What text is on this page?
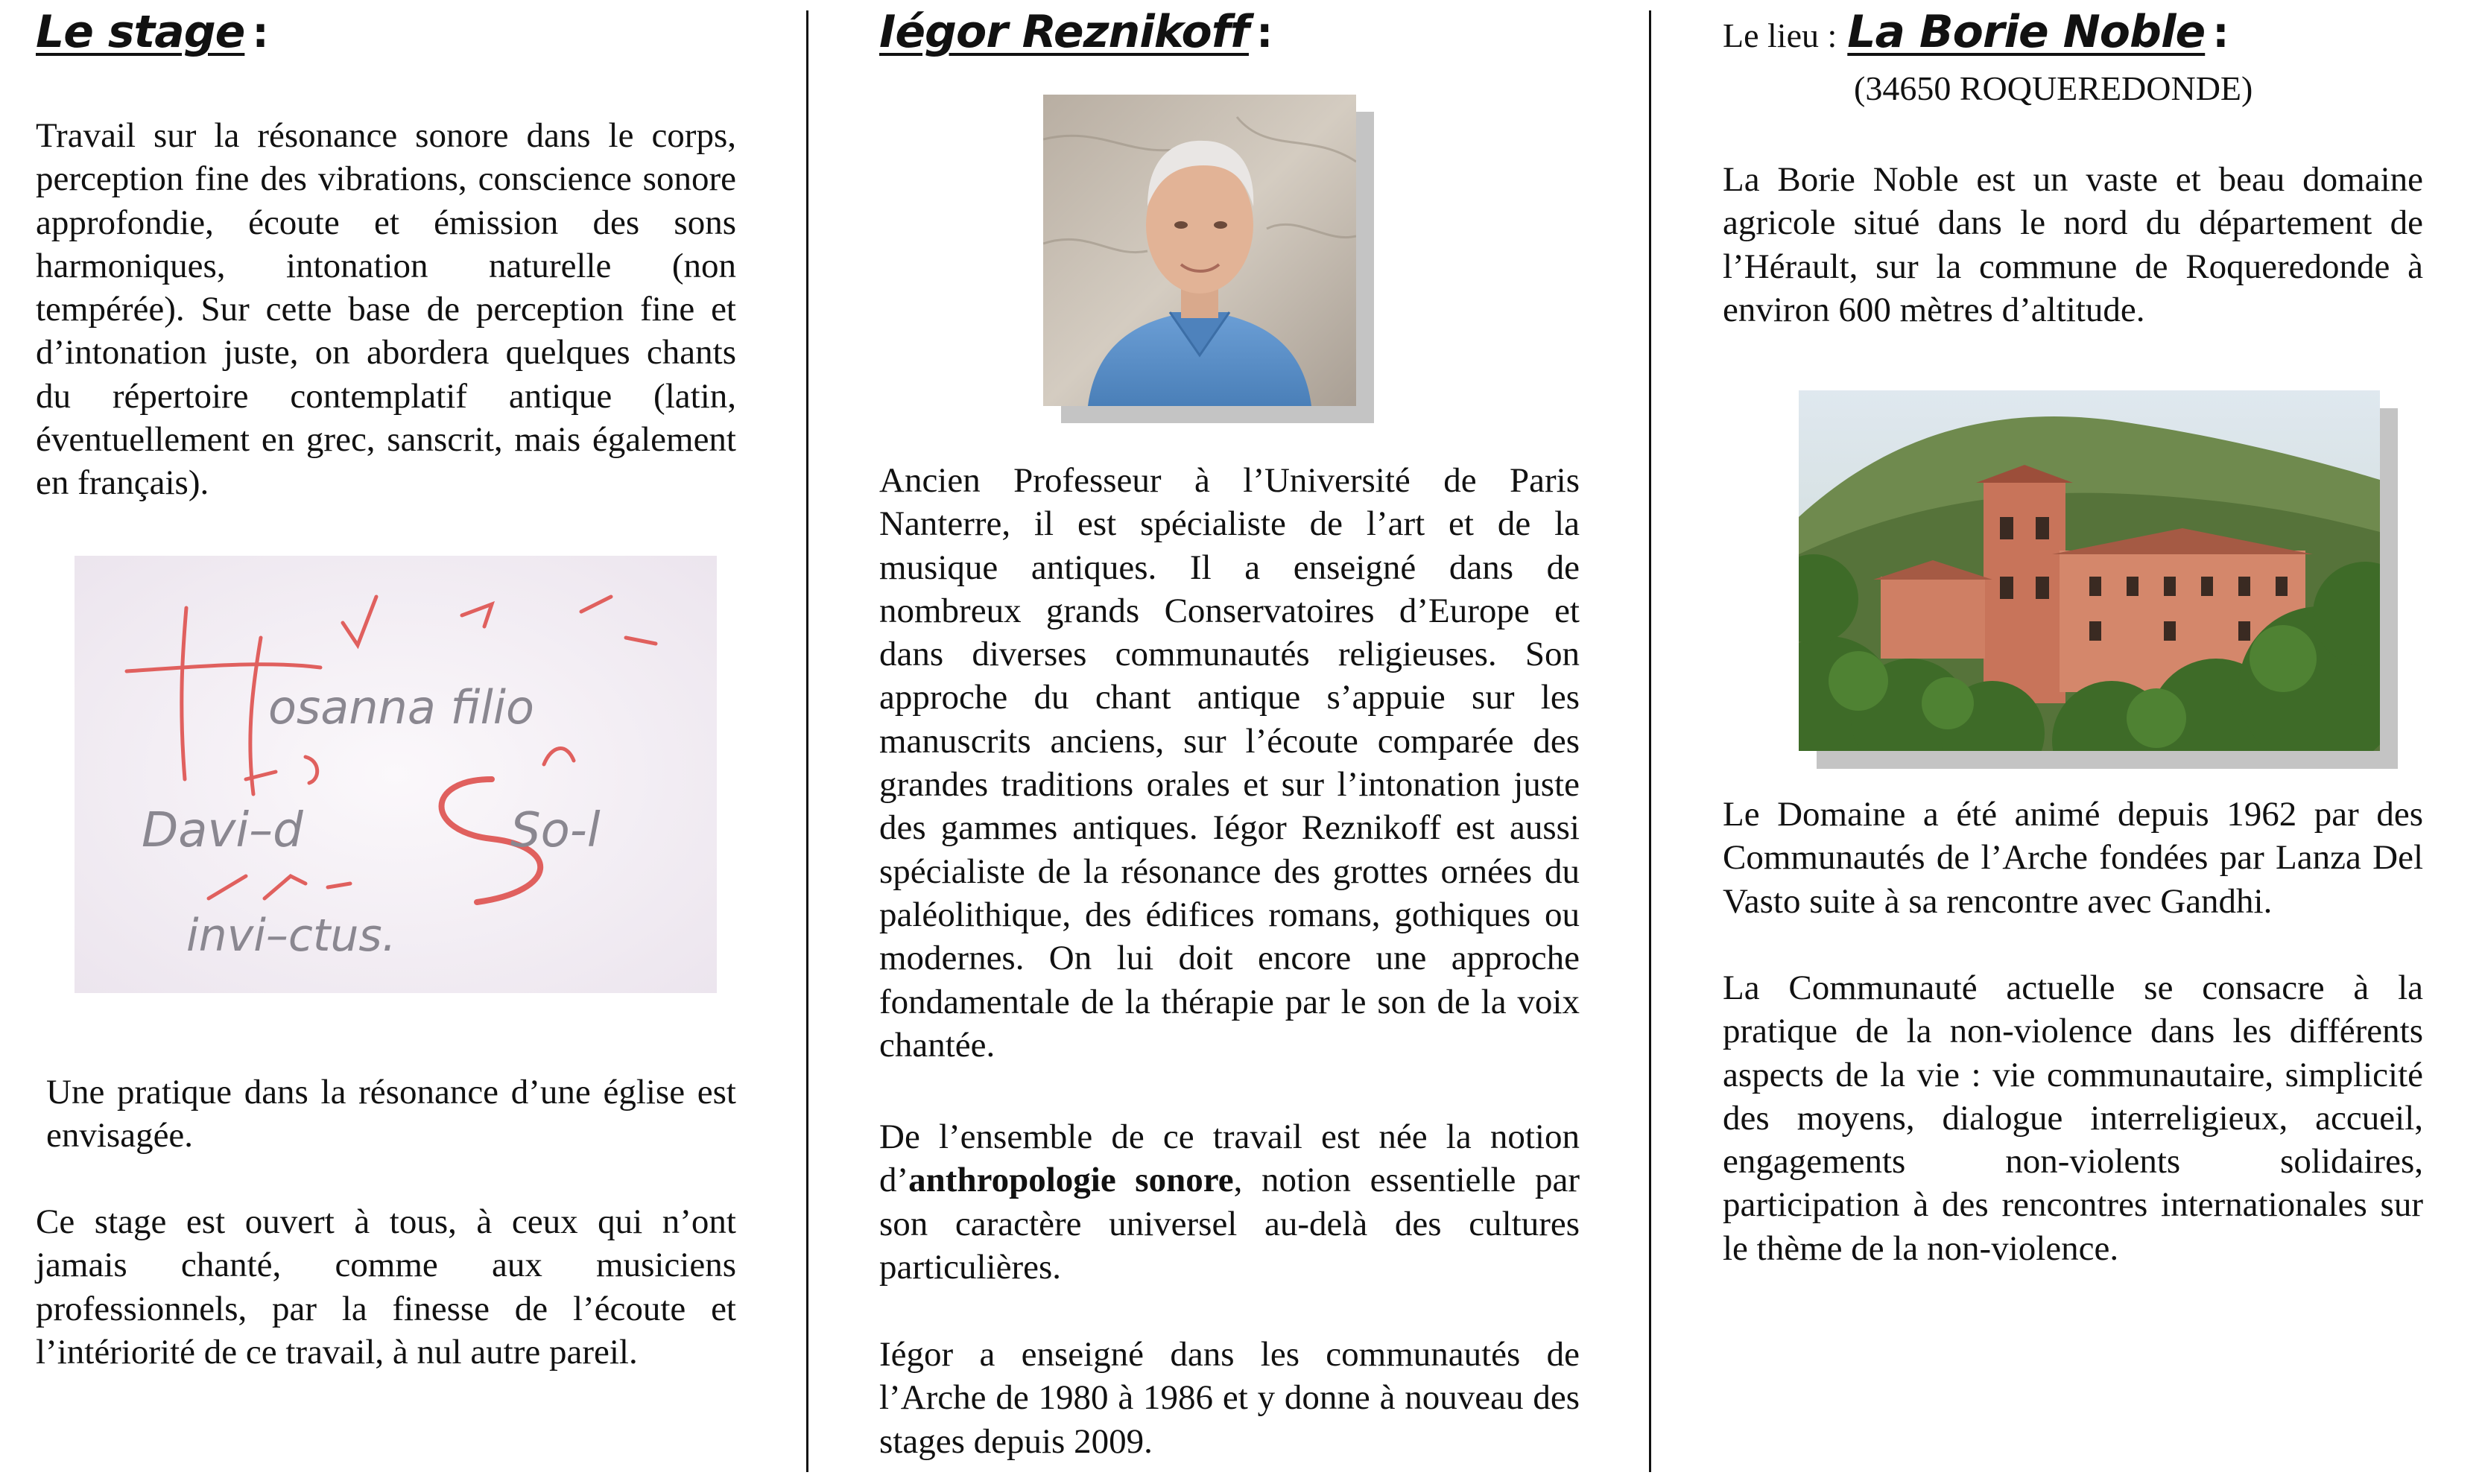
Le stage :

Travail sur la résonance sonore dans le corps, perception fine des vibrations, conscience sonore approfondie, écoute et émission des sons harmoniques, intonation naturelle (non tempérée). Sur cette base de perception fine et d’intonation juste, on abordera quelques chants du répertoire contemplatif antique (latin, éventuellement en grec, sanscrit, mais également en français).

osanna filio
Davi–d	So-l
invi–ctus.

Une pratique dans la résonance d’une église est envisagée.

Ce stage est ouvert à tous, à ceux qui n’ont jamais chanté, comme aux musiciens professionnels, par la finesse de l’écoute et l’intériorité de ce travail, à nul autre pareil.

Iégor Reznikoff :

Ancien Professeur à l’Université de Paris Nanterre, il est spécialiste de l’art et de la musique antiques. Il a enseigné dans de nombreux grands Conservatoires d’Europe et dans diverses communautés religieuses. Son approche du chant antique s’appuie sur les manuscrits anciens, sur l’écoute comparée des grandes traditions orales et sur l’intonation juste des gammes antiques. Iégor Reznikoff est aussi spécialiste de la résonance des grottes ornées du paléolithique, des édifices romans, gothiques ou modernes. On lui doit encore une approche fondamentale de la thérapie par le son de la voix chantée.

De l’ensemble de ce travail est née la notion d’anthropologie sonore, notion essentielle par son caractère universel au-delà des cultures particulières.

Iégor a enseigné dans les communautés de l’Arche de 1980 à 1986 et y donne à nouveau des stages depuis 2009.

Le lieu : La Borie Noble :
(34650 ROQUEREDONDE)

La Borie Noble est un vaste et beau domaine agricole situé dans le nord du département de l’Hérault, sur la commune de Roqueredonde à environ 600 mètres d’altitude.

Le Domaine a été animé depuis 1962 par des Communautés de l’Arche fondées par Lanza Del Vasto suite à sa rencontre avec Gandhi.

La Communauté actuelle se consacre à la pratique de la non-violence dans les différents aspects de la vie : vie communautaire, simplicité des moyens, dialogue interreligieux, accueil, engagements non-violents solidaires, participation à des rencontres internationales sur le thème de la non-violence.
